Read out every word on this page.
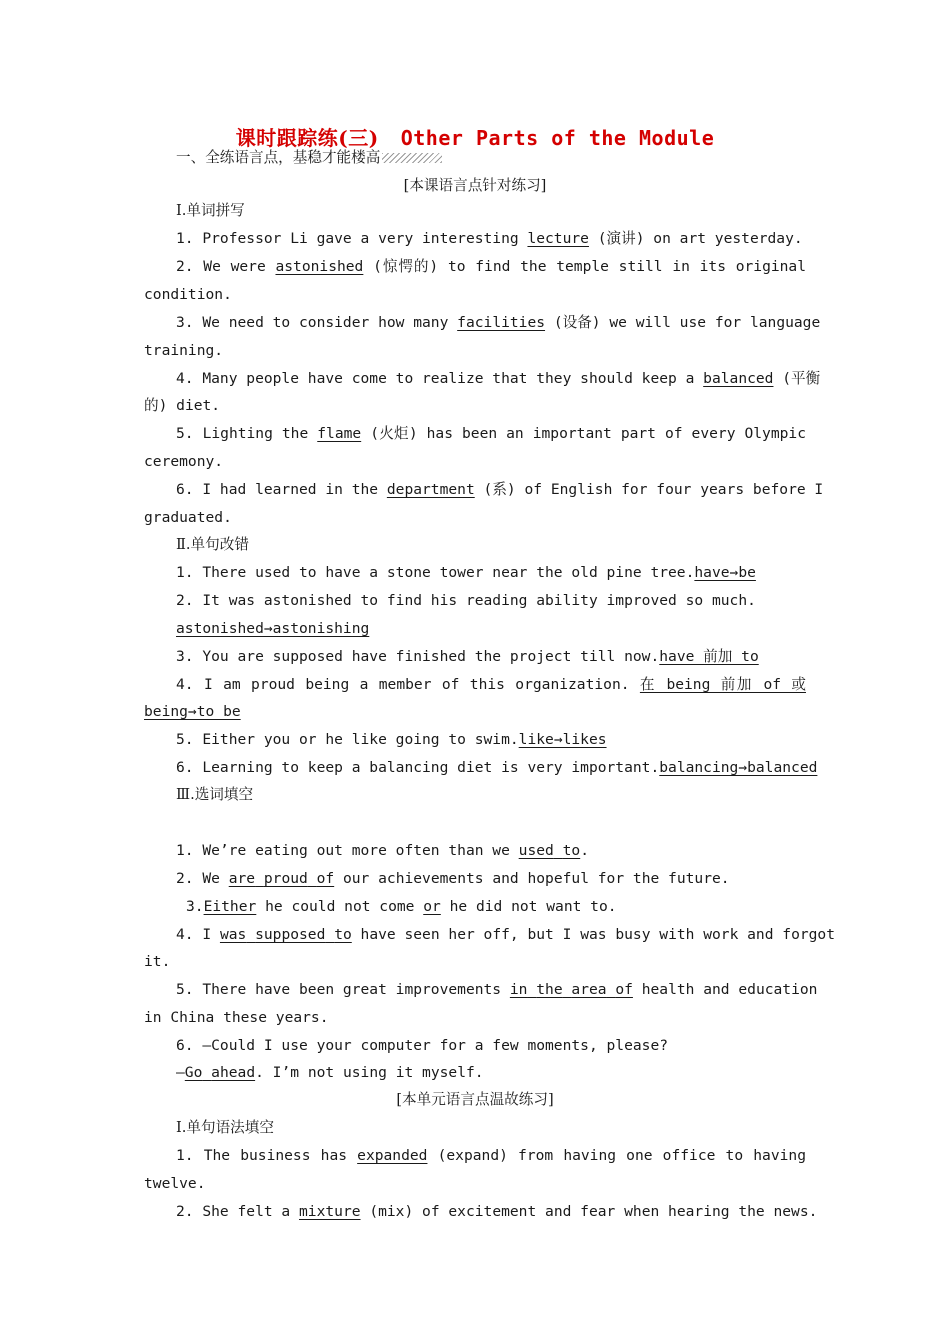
课时跟踪练(三) Other Parts of the Module
一、全练语言点，基稳才能楼高
[本课语言点针对练习]
Ⅰ.单词拼写
1. Professor Li gave a very interesting lecture (演讲) on art yesterday.
2. We were astonished (惊愕的) to find the temple still in its original
condition.
3. We need to consider how many facilities (设备) we will use for language
training.
4. Many people have come to realize that they should keep a balanced (平衡
的) diet.
5. Lighting the flame (火炬) has been an important part of every Olympic
ceremony.
6. I had learned in the department (系) of English for four years before I
graduated.
Ⅱ.单句改错
1. There used to have a stone tower near the old pine tree.have→be
2. It was astonished to find his reading ability improved so much.
astonished→astonishing
3. You are supposed have finished the project till now.have 前加 to
4. I am proud being a member of this organization. 在 being 前加 of 或
being→to be
5. Either you or he like going to swim.like→likes
6. Learning to keep a balancing diet is very important.balancing→balanced
Ⅲ.选词填空
1. We’re eating out more often than we used to.
2. We are proud of our achievements and hopeful for the future.
3.Either he could not come or he did not want to.
4. I was supposed to have seen her off, but I was busy with work and forgot
it.
5. There have been great improvements in the area of health and education
in China these years.
6. —Could I use your computer for a few moments, please?
—Go ahead. I’m not using it myself.
[本单元语言点温故练习]
Ⅰ.单句语法填空
1. The business has expanded (expand) from having one office to having
twelve.
2. She felt a mixture (mix) of excitement and fear when hearing the news.
